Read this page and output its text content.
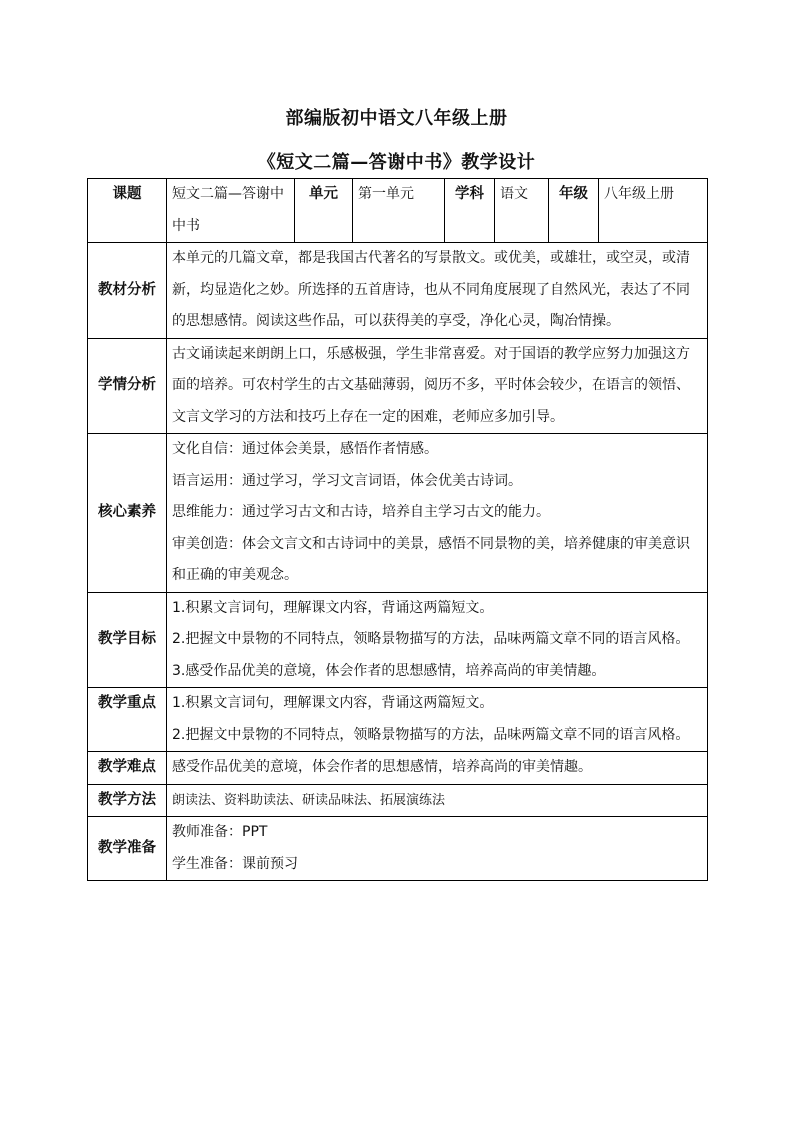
部编版初中语文八年级上册
《短文二篇—答谢中书》教学设计
课题	短文二篇—答谢中中书	单元	第一单元	学科	语文	年级	八年级上册
教材分析	本单元的几篇文章，都是我国古代著名的写景散文。或优美，或雄壮，或空灵，或清新，均显造化之妙。所选择的五首唐诗，也从不同角度展现了自然风光，表达了不同的思想感情。阅读这些作品，可以获得美的享受，净化心灵，陶冶情操。						
学情分析	古文诵读起来朗朗上口，乐感极强，学生非常喜爱。对于国语的教学应努力加强这方面的培养。可农村学生的古文基础薄弱，阅历不多，平时体会较少，在语言的领悟、文言文学习的方法和技巧上存在一定的困难，老师应多加引导。						
核心素养	文化自信：通过体会美景，感悟作者情感。

语言运用：通过学习，学习文言词语，体会优美古诗词。

思维能力：通过学习古文和古诗，培养自主学习古文的能力。

审美创造：体会文言文和古诗词中的美景，感悟不同景物的美，培养健康的审美意识和正确的审美观念。						

教学目标	1.积累文言词句，理解课文内容，背诵这两篇短文。

2.把握文中景物的不同特点，领略景物描写的方法，品味两篇文章不同的语言风格。

3.感受作品优美的意境，体会作者的思想感情，培养高尚的审美情趣。						

教学重点	1.积累文言词句，理解课文内容，背诵这两篇短文。

2.把握文中景物的不同特点，领略景物描写的方法，品味两篇文章不同的语言风格。						

教学难点	感受作品优美的意境，体会作者的思想感情，培养高尚的审美情趣。						
教学方法	朗读法、资料助读法、研读品味法、拓展演练法						
教学准备	教师准备：PPT

学生准备：课前预习						
